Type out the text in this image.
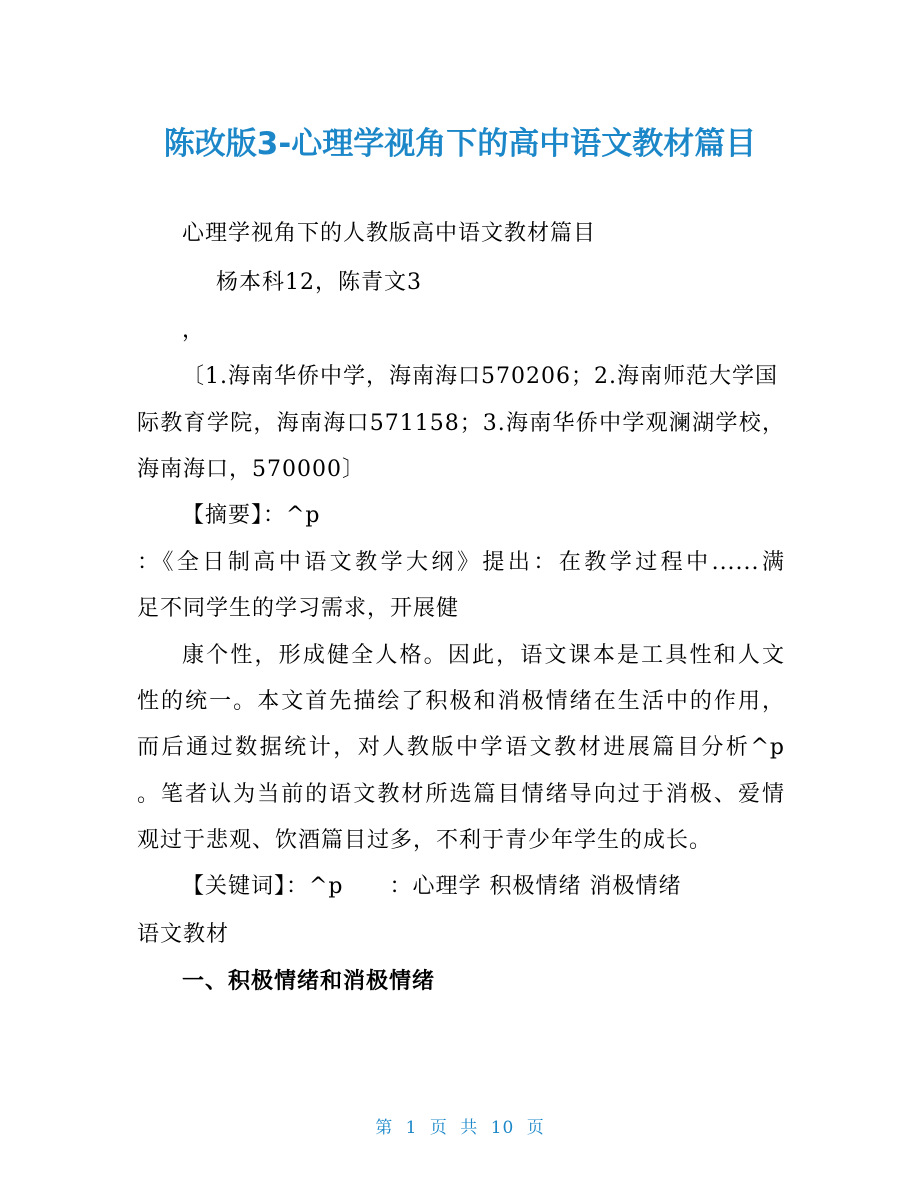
陈改版3-心理学视角下的高中语文教材篇目
心理学视角下的人教版高中语文教材篇目
杨本科12，陈青文3
，
〔1.海南华侨中学，海南海口570206；2.海南师范大学国
际教育学院，海南海口571158；3.海南华侨中学观澜湖学校，
海南海口，570000〕
【摘要】：^p
：《全日制高中语文教学大纲》提出：在教学过程中......满
足不同学生的学习需求，开展健
康个性，形成健全人格。因此，语文课本是工具性和人文
性的统一。本文首先描绘了积极和消极情绪在生活中的作用，
而后通过数据统计，对人教版中学语文教材进展篇目分析^p
。笔者认为当前的语文教材所选篇目情绪导向过于消极、爱情
观过于悲观、饮酒篇目过多，不利于青少年学生的成长。
【关键词】：^p　　：心理学 积极情绪 消极情绪
语文教材
一、积极情绪和消极情绪
第 1 页 共 10 页
